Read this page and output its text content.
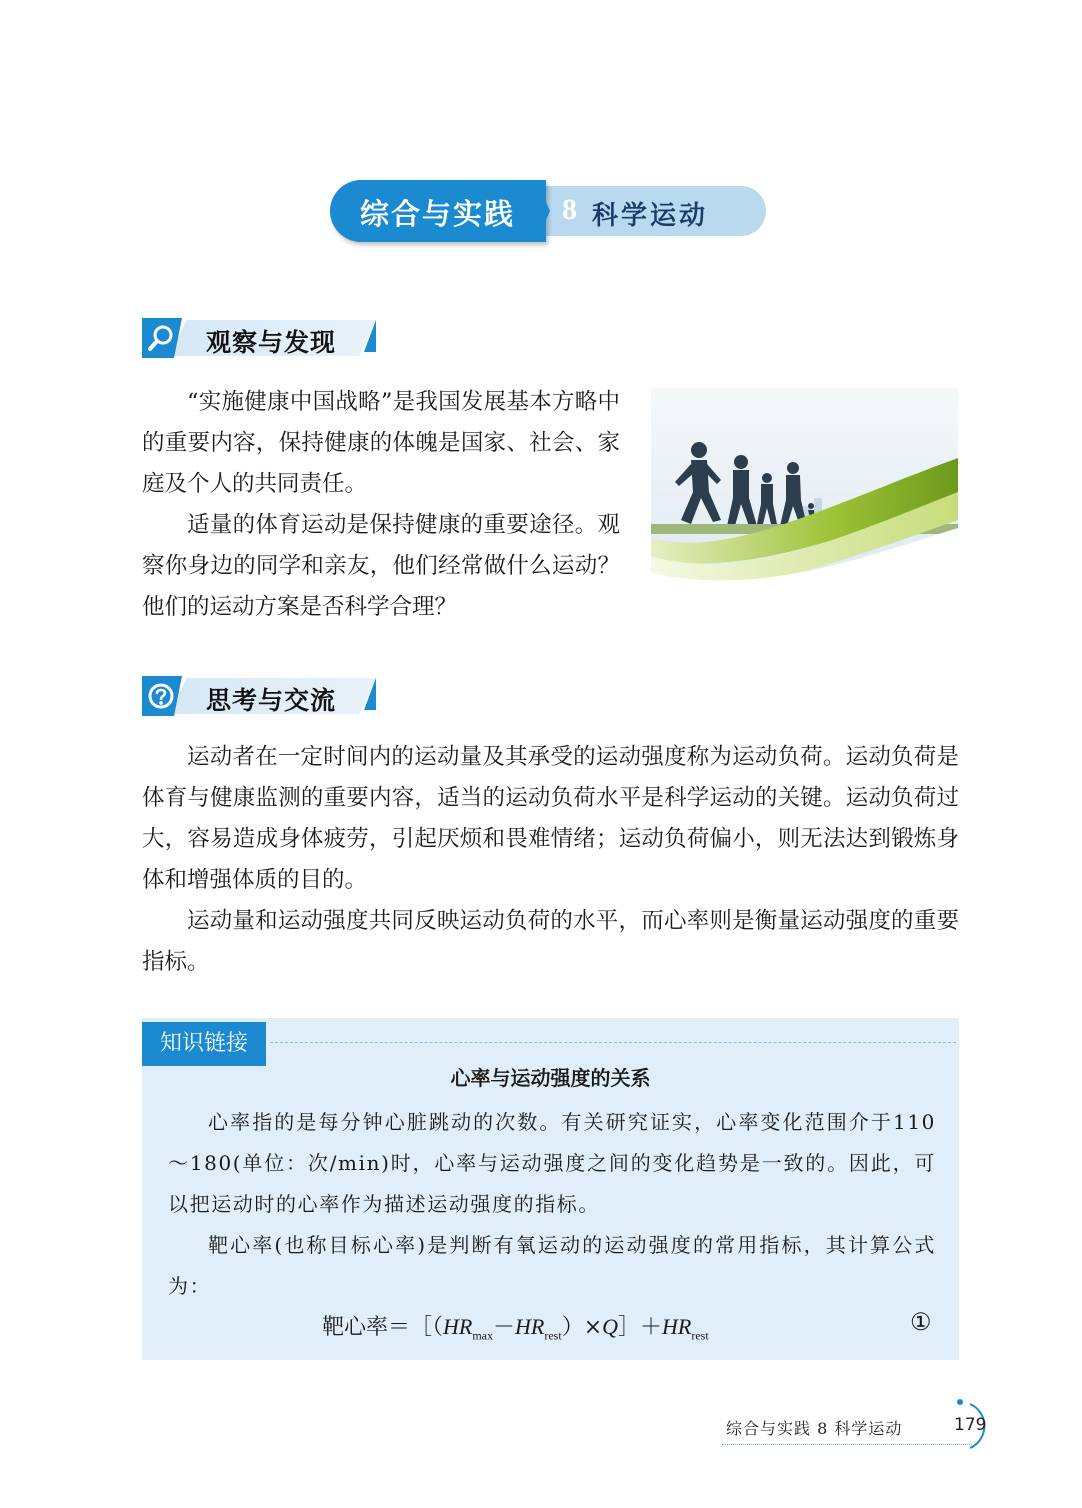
综合与实践 8 科学运动
观察与发现

“实施健康中国战略”是我国发展基本方略中的重要内容，保持健康的体魄是国家、社会、家庭及个人的共同责任。

适量的体育运动是保持健康的重要途径。观察你身边的同学和亲友，他们经常做什么运动？他们的运动方案是否科学合理？

思考与交流

运动者在一定时间内的运动量及其承受的运动强度称为运动负荷。运动负荷是体育与健康监测的重要内容，适当的运动负荷水平是科学运动的关键。运动负荷过大，容易造成身体疲劳，引起厌烦和畏难情绪；运动负荷偏小，则无法达到锻炼身体和增强体质的目的。

运动量和运动强度共同反映运动负荷的水平，而心率则是衡量运动强度的重要指标。

知识链接
心率与运动强度的关系

心率指的是每分钟心脏跳动的次数。有关研究证实，心率变化范围介于110～180(单位：次/min)时，心率与运动强度之间的变化趋势是一致的。因此，可以把运动时的心率作为描述运动强度的指标。

靶心率(也称目标心率)是判断有氧运动的运动强度的常用指标，其计算公式为：

靶心率$=[(HR_{max}-HR_{rest})\times Q]+HR_{rest}$	①
综合与实践 8 科学运动	179
